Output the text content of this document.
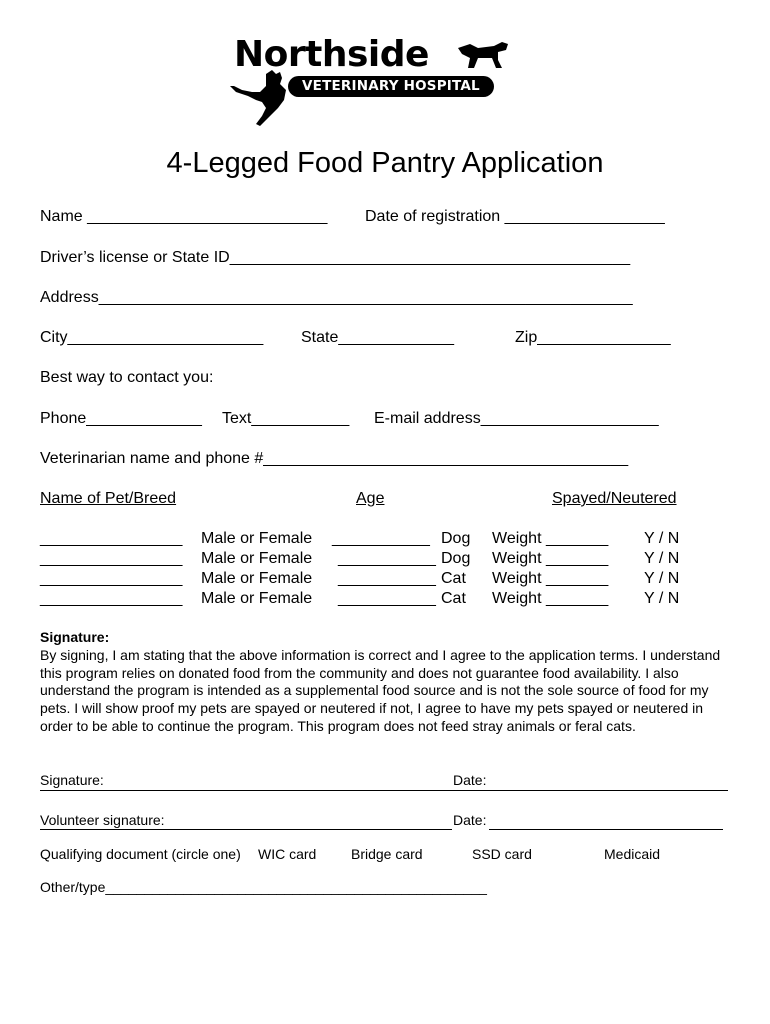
Northside
VETERINARY HOSPITAL
4-Legged Food Pantry Application
Name ___________________________ Date of registration __________________
Driver’s license or State ID_____________________________________________
Address____________________________________________________________
City______________________ State_____________	Zip_______________
Best way to contact you:
Phone_____________ Text___________ E-mail address____________________
Veterinarian name and phone #_________________________________________
Name of Pet/Breed	Age	Spayed/Neutered
________________ Male or Female ___________ Dog Weight _______ Y / N
________________ Male or Female ___________ Dog Weight _______ Y / N
________________ Male or Female ___________ Cat Weight _______ Y / N
________________ Male or Female ___________ Cat Weight _______ Y / N
Signature:
By signing, I am stating that the above information is correct and I agree to the application terms. I understand this program relies on donated food from the community and does not guarantee food availability. I also understand the program is intended as a supplemental food source and is not the sole source of food for my pets. I will show proof my pets are spayed or neutered if not, I agree to have my pets spayed or neutered in order to be able to continue the program. This program does not feed stray animals or feral cats.
Signature:	Date:
Volunteer signature:	Date:
Qualifying document (circle one) WIC card Bridge card	SSD card	Medicaid
Other/type_________________________________________________
